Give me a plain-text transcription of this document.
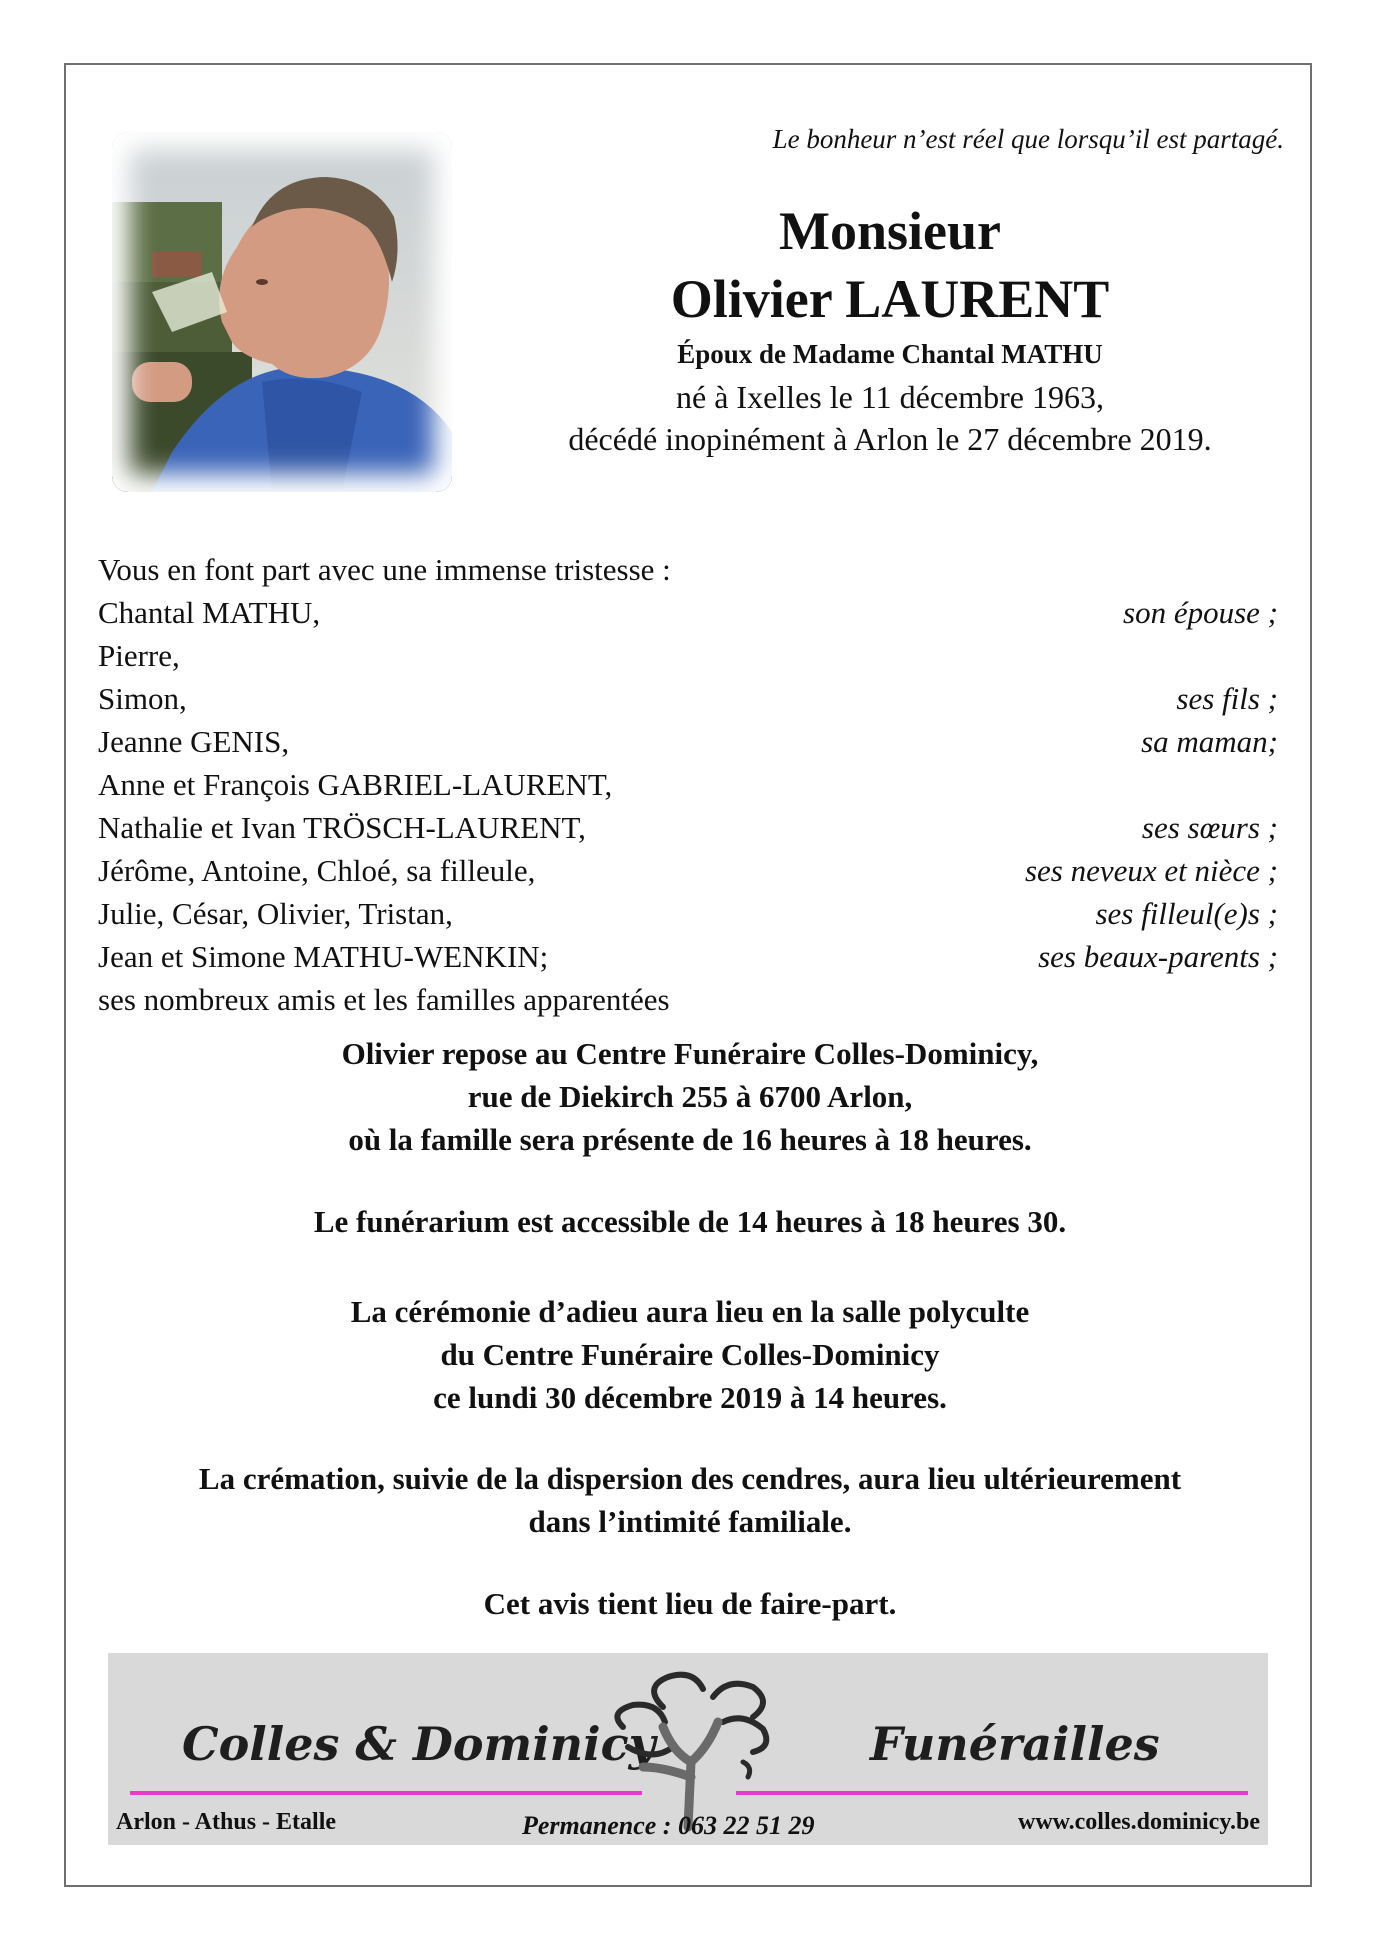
Le bonheur n’est réel que lorsqu’il est partagé.
Monsieur
Olivier LAURENT
Époux de Madame Chantal MATHU
né à Ixelles le 11 décembre 1963,
décédé inopinément à Arlon le 27 décembre 2019.
Vous en font part avec une immense tristesse :
Chantal MATHU,	son épouse ;
Pierre,
Simon,	ses fils ;
Jeanne GENIS,	sa maman;
Anne et François GABRIEL-LAURENT,
Nathalie et Ivan TRÖSCH-LAURENT,	ses sœurs ;
Jérôme, Antoine, Chloé, sa filleule,	ses neveux et nièce ;
Julie, César, Olivier, Tristan,	ses filleul(e)s ;
Jean et Simone MATHU-WENKIN;	ses beaux-parents ;
ses nombreux amis et les familles apparentées
Olivier repose au Centre Funéraire Colles-Dominicy,
rue de Diekirch 255 à 6700 Arlon,
où la famille sera présente de 16 heures à 18 heures.
Le funérarium est accessible de 14 heures à 18 heures 30.
La cérémonie d’adieu aura lieu en la salle polyculte
du Centre Funéraire Colles-Dominicy
ce lundi 30 décembre 2019 à 14 heures.
La crémation, suivie de la dispersion des cendres, aura lieu ultérieurement
dans l’intimité familiale.
Cet avis tient lieu de faire-part.
Colles & Dominicy	Funérailles
Arlon - Athus - Etalle	Permanence : 063 22 51 29	www.colles.dominicy.be
